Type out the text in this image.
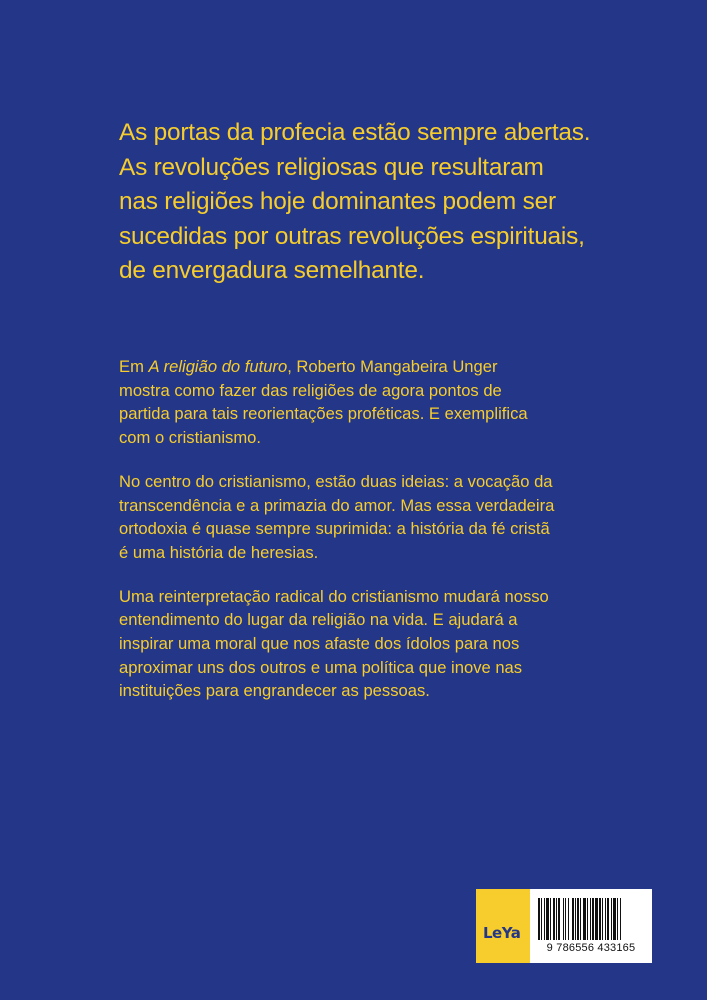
As portas da profecia estão sempre abertas.
As revoluções religiosas que resultaram
nas religiões hoje dominantes podem ser
sucedidas por outras revoluções espirituais,
de envergadura semelhante.

Em A religião do futuro, Roberto Mangabeira Unger
mostra como fazer das religiões de agora pontos de
partida para tais reorientações proféticas. E exemplifica
com o cristianismo.

No centro do cristianismo, estão duas ideias: a vocação da
transcendência e a primazia do amor. Mas essa verdadeira
ortodoxia é quase sempre suprimida: a história da fé cristã
é uma história de heresias.

Uma reinterpretação radical do cristianismo mudará nosso
entendimento do lugar da religião na vida. E ajudará a
inspirar uma moral que nos afaste dos ídolos para nos
aproximar uns dos outros e uma política que inove nas
instituições para engrandecer as pessoas.

LeYa
9 786556 433165
